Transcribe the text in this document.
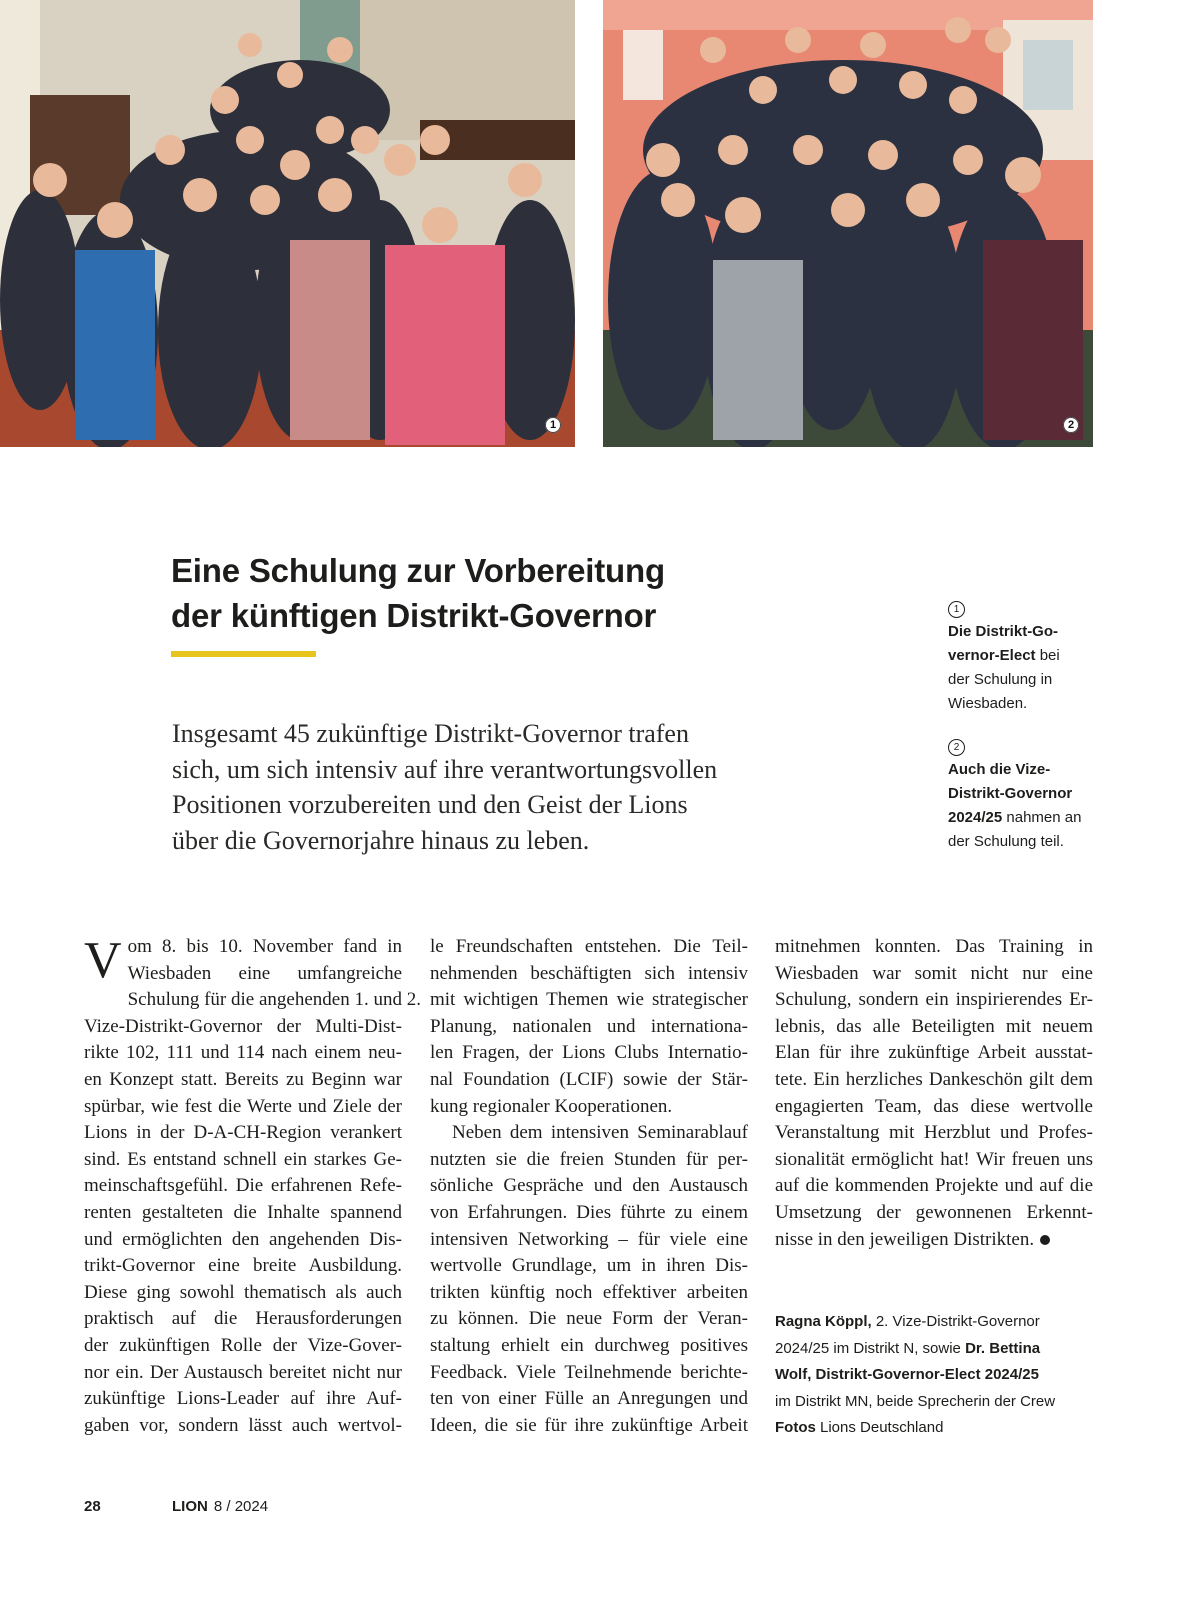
1	2
Eine Schulung zur Vorbereitung
der künftigen Distrikt-Governor

Insgesamt 45 zukünftige Distrikt-Governor trafen
sich, um sich intensiv auf ihre verantwortungsvollen
Positionen vorzubereiten und den Geist der Lions
über die Governorjahre hinaus zu leben.

1
Die Distrikt-Go-
vernor-Elect bei
der Schulung in
Wiesbaden.
2
Auch die Vize-
Distrikt-Governor
2024/25 nahmen an
der Schulung teil.
V om 8. bis 10. November fand in
Wiesbaden eine umfangreiche
Schulung für die angehenden 1. und 2.
Vize-Distrikt-Governor der Multi-Dist-
rikte 102, 111 und 114 nach einem neu-
en Konzept statt. Bereits zu Beginn war
spürbar, wie fest die Werte und Ziele der
Lions in der D-A-CH-Region verankert
sind. Es entstand schnell ein starkes Ge-
meinschaftsgefühl. Die erfahrenen Refe-
renten gestalteten die Inhalte spannend
und ermöglichten den angehenden Dis-
trikt-Governor eine breite Ausbildung.
Diese ging sowohl thematisch als auch
praktisch auf die Herausforderungen
der zukünftigen Rolle der Vize-Gover-
nor ein. Der Austausch bereitet nicht nur
zukünftige Lions-Leader auf ihre Auf-
gaben vor, sondern lässt auch wertvol-
le Freundschaften entstehen. Die Teil-
nehmenden beschäftigten sich intensiv
mit wichtigen Themen wie strategischer
Planung, nationalen und internationa-
len Fragen, der Lions Clubs Internatio-
nal Foundation (LCIF) sowie der Stär-
kung regionaler Kooperationen.
Neben dem intensiven Seminarablauf
nutzten sie die freien Stunden für per-
sönliche Gespräche und den Austausch
von Erfahrungen. Dies führte zu einem
intensiven Networking – für viele eine
wertvolle Grundlage, um in ihren Dis-
trikten künftig noch effektiver arbeiten
zu können. Die neue Form der Veran-
staltung erhielt ein durchweg positives
Feedback. Viele Teilnehmende berichte-
ten von einer Fülle an Anregungen und
Ideen, die sie für ihre zukünftige Arbeit
mitnehmen konnten. Das Training in
Wiesbaden war somit nicht nur eine
Schulung, sondern ein inspirierendes Er-
lebnis, das alle Beteiligten mit neuem
Elan für ihre zukünftige Arbeit ausstat-
tete. Ein herzliches Dankeschön gilt dem
engagierten Team, das diese wertvolle
Veranstaltung mit Herzblut und Profes-
sionalität ermöglicht hat! Wir freuen uns
auf die kommenden Projekte und auf die
Umsetzung der gewonnenen Erkennt-
nisse in den jeweiligen Distrikten.
Ragna Köppl, 2. Vize-Distrikt-Governor
2024/25 im Distrikt N, sowie Dr. Bettina
Wolf, Distrikt-Governor-Elect 2024/25
im Distrikt MN, beide Sprecherin der Crew
Fotos Lions Deutschland
28	LION 8 / 2024
